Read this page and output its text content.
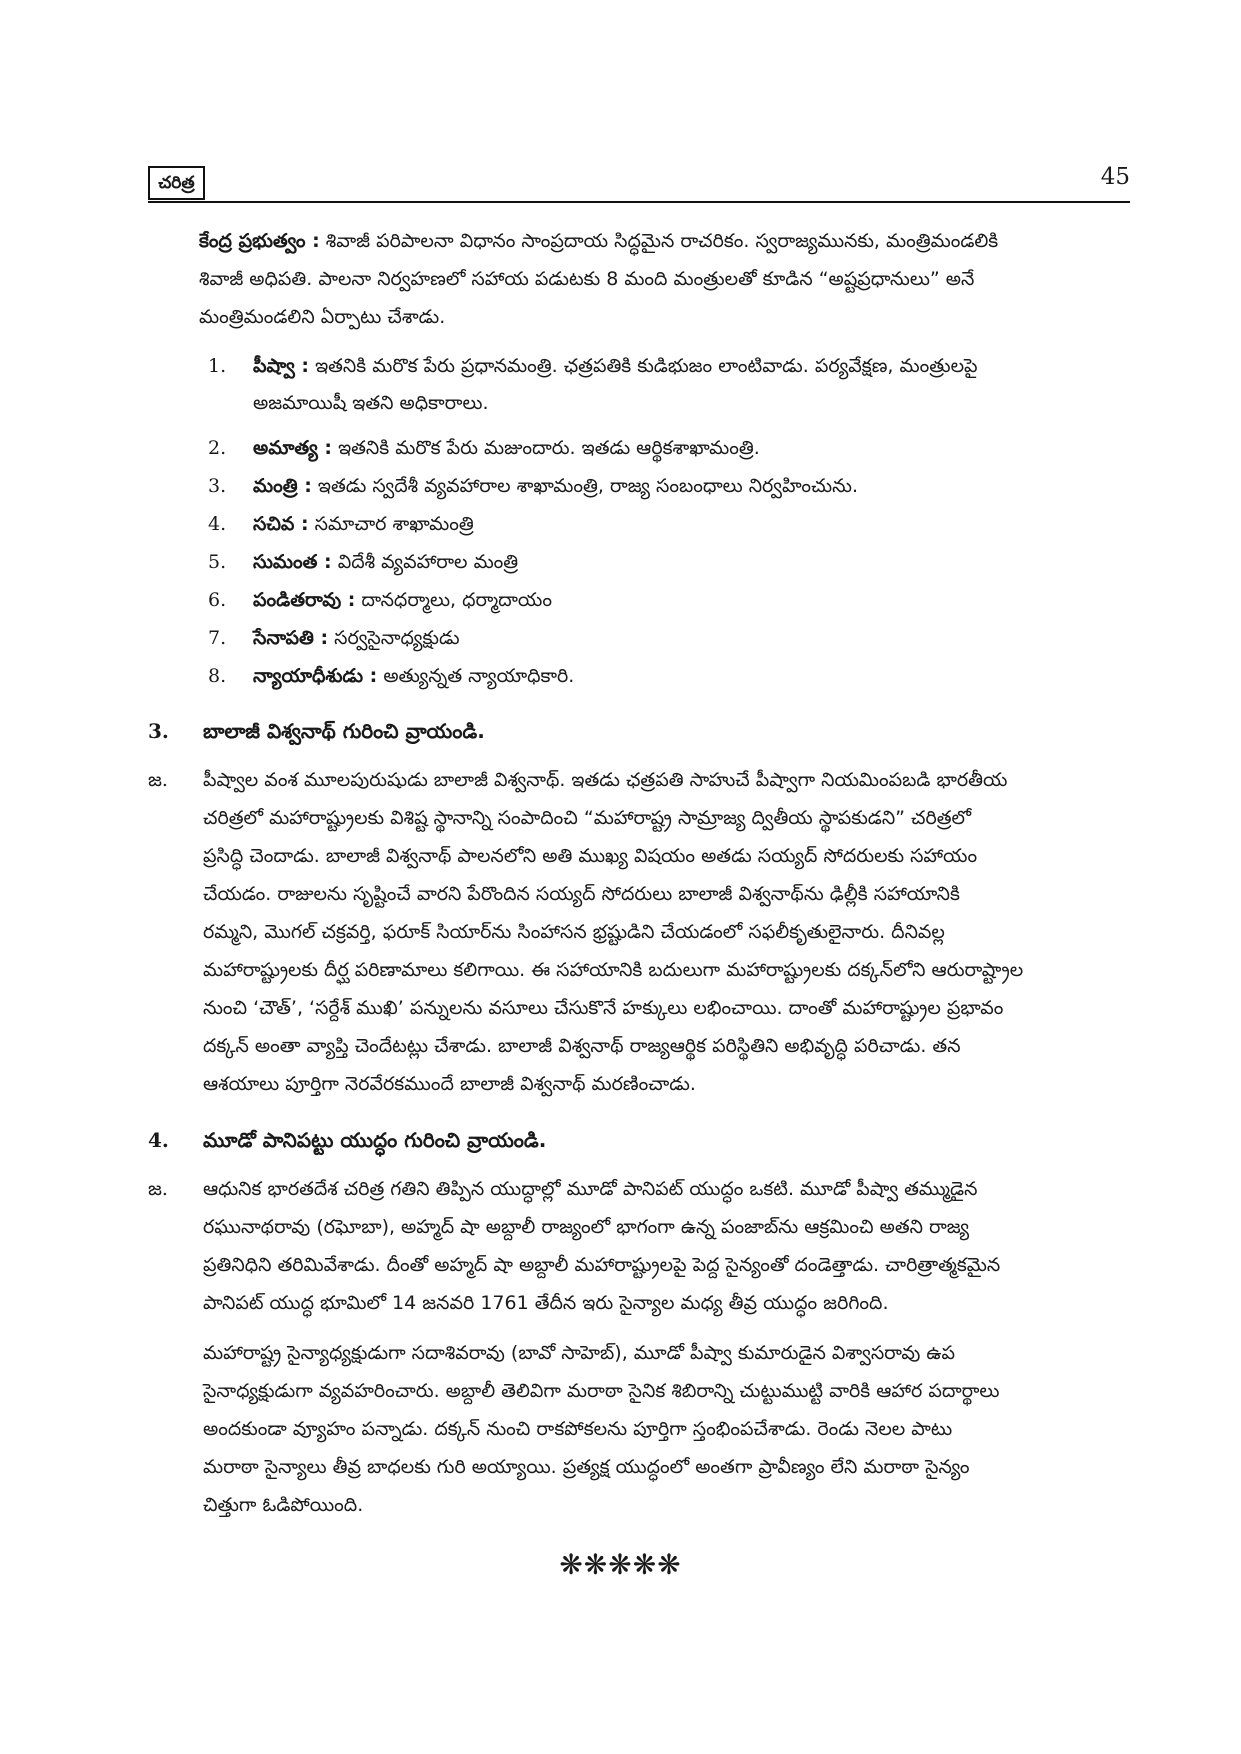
చరిత్ర	45
కేంద్ర ప్రభుత్వం : శివాజీ పరిపాలనా విధానం సాంప్రదాయ సిద్ధమైన రాచరికం. స్వరాజ్యమునకు, మంత్రిమండలికి
శివాజీ అధిపతి. పాలనా నిర్వహణలో సహాయ పడుటకు 8 మంది మంత్రులతో కూడిన “అష్టప్రధానులు” అనే
మంత్రిమండలిని ఏర్పాటు చేశాడు.
1. పీష్వా : ఇతనికి మరొక పేరు ప్రధానమంత్రి. ఛత్రపతికి కుడిభుజం లాంటివాడు. పర్యవేక్షణ, మంత్రులపై
అజమాయిషీ ఇతని అధికారాలు.
2. అమాత్య : ఇతనికి మరొక పేరు మజుందారు. ఇతడు ఆర్థికశాఖామంత్రి.
3. మంత్రి : ఇతడు స్వదేశీ వ్యవహారాల శాఖామంత్రి, రాజ్య సంబంధాలు నిర్వహించును.
4. సచివ : సమాచార శాఖామంత్రి
5. సుమంత : విదేశీ వ్యవహారాల మంత్రి
6. పండితరావు : దానధర్మాలు, ధర్మాదాయం
7. సేనాపతి : సర్వసైనాధ్యక్షుడు
8. న్యాయాధీశుడు : అత్యున్నత న్యాయాధికారి.
3. బాలాజీ విశ్వనాథ్ గురించి వ్రాయండి.
జ. పీష్వాల వంశ మూలపురుషుడు బాలాజీ విశ్వనాథ్. ఇతడు ఛత్రపతి సాహుచే పీష్వాగా నియమింపబడి భారతీయ
చరిత్రలో మహారాష్ట్రులకు విశిష్ట స్థానాన్ని సంపాదించి “మహారాష్ట్ర సామ్రాజ్య ద్వితీయ స్థాపకుడని” చరిత్రలో
ప్రసిద్ధి చెందాడు. బాలాజీ విశ్వనాథ్ పాలనలోని అతి ముఖ్య విషయం అతడు సయ్యద్ సోదరులకు సహాయం
చేయడం. రాజులను సృష్టించే వారని పేరొందిన సయ్యద్ సోదరులు బాలాజీ విశ్వనాథ్‌ను ఢిల్లీకి సహాయానికి
రమ్మని, మొగల్ చక్రవర్తి, ఫరూక్ సియార్‌ను సింహాసన భ్రష్టుడిని చేయడంలో సఫలీకృతులైనారు. దీనివల్ల
మహారాష్ట్రులకు దీర్ఘ పరిణామాలు కలిగాయి. ఈ సహాయానికి బదులుగా మహారాష్ట్రులకు దక్కన్‌లోని ఆరురాష్ట్రాల
నుంచి ‘చౌత్’, ‘సర్దేశ్ ముఖి’ పన్నులను వసూలు చేసుకొనే హక్కులు లభించాయి. దాంతో మహారాష్ట్రుల ప్రభావం
దక్కన్ అంతా వ్యాప్తి చెందేటట్లు చేశాడు. బాలాజీ విశ్వనాథ్ రాజ్యఆర్థిక పరిస్థితిని అభివృద్ధి పరిచాడు. తన
ఆశయాలు పూర్తిగా నెరవేరకముందే బాలాజీ విశ్వనాథ్ మరణించాడు.
4. మూడో పానిపట్టు యుద్ధం గురించి వ్రాయండి.
జ. ఆధునిక భారతదేశ చరిత్ర గతిని తిప్పిన యుద్ధాల్లో మూడో పానిపట్ యుద్ధం ఒకటి. మూడో పీష్వా తమ్ముడైన
రఘునాథరావు (రఘోబా), అహ్మద్ షా అబ్దాలీ రాజ్యంలో భాగంగా ఉన్న పంజాబ్‌ను ఆక్రమించి అతని రాజ్య
ప్రతినిధిని తరిమివేశాడు. దీంతో అహ్మద్ షా అబ్దాలీ మహారాష్ట్రులపై పెద్ద సైన్యంతో దండెత్తాడు. చారిత్రాత్మకమైన
పానిపట్ యుద్ధ భూమిలో 14 జనవరి 1761 తేదీన ఇరు సైన్యాల మధ్య తీవ్ర యుద్ధం జరిగింది.
మహారాష్ట్ర సైన్యాధ్యక్షుడుగా సదాశివరావు (బావో సాహెబ్), మూడో పీష్వా కుమారుడైన విశ్వాసరావు ఉప
సైనాధ్యక్షుడుగా వ్యవహరించారు. అబ్దాలీ తెలివిగా మరాఠా సైనిక శిబిరాన్ని చుట్టుముట్టి వారికి ఆహార పదార్థాలు
అందకుండా వ్యూహం పన్నాడు. దక్కన్ నుంచి రాకపోకలను పూర్తిగా స్తంభింపచేశాడు. రెండు నెలల పాటు
మరాఠా సైన్యాలు తీవ్ర బాధలకు గురి అయ్యాయి. ప్రత్యక్ష యుద్ధంలో అంతగా ప్రావీణ్యం లేని మరాఠా సైన్యం
చిత్తుగా ఓడిపోయింది.
❋❋❋❋❋
